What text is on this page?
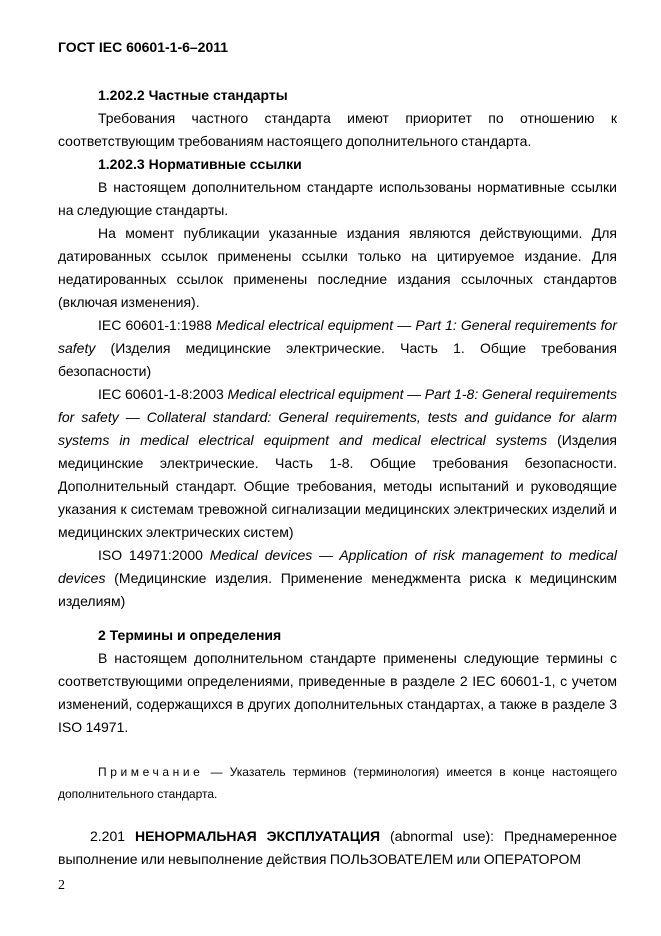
ГОСТ IEC 60601-1-6–2011
1.202.2 Частные стандарты

Требования частного стандарта имеют приоритет по отношению к соответствующим требованиям настоящего дополнительного стандарта.

1.202.3 Нормативные ссылки

В настоящем дополнительном стандарте использованы нормативные ссылки на следующие стандарты.

На момент публикации указанные издания являются действующими. Для датированных ссылок применены ссылки только на цитируемое издание. Для недатированных ссылок применены последние издания ссылочных стандартов (включая изменения).

IEC 60601-1:1988 Medical electrical equipment — Part 1: General requirements for safety (Изделия медицинские электрические. Часть 1. Общие требования безопасности)

IEC 60601-1-8:2003 Medical electrical equipment — Part 1-8: General requirements for safety — Collateral standard: General requirements, tests and guidance for alarm systems in medical electrical equipment and medical electrical systems (Изделия медицинские электрические. Часть 1-8. Общие требования безопасности. Дополнительный стандарт. Общие требования, методы испытаний и руководящие указания к системам тревожной сигнализации медицинских электрических изделий и медицинских электрических систем)

ISO 14971:2000 Medical devices — Application of risk management to medical devices (Медицинские изделия. Применение менеджмента риска к медицинским изделиям)

2 Термины и определения

В настоящем дополнительном стандарте применены следующие термины с соответствующими определениями, приведенные в разделе 2 IEC 60601-1, с учетом изменений, содержащихся в других дополнительных стандартах, а также в разделе 3 ISO 14971.

Примечание — Указатель терминов (терминология) имеется в конце настоящего дополнительного стандарта.

2.201 НЕНОРМАЛЬНАЯ ЭКСПЛУАТАЦИЯ (abnormal use): Преднамеренное выполнение или невыполнение действия ПОЛЬЗОВАТЕЛЕМ или ОПЕРАТОРОМ

2
